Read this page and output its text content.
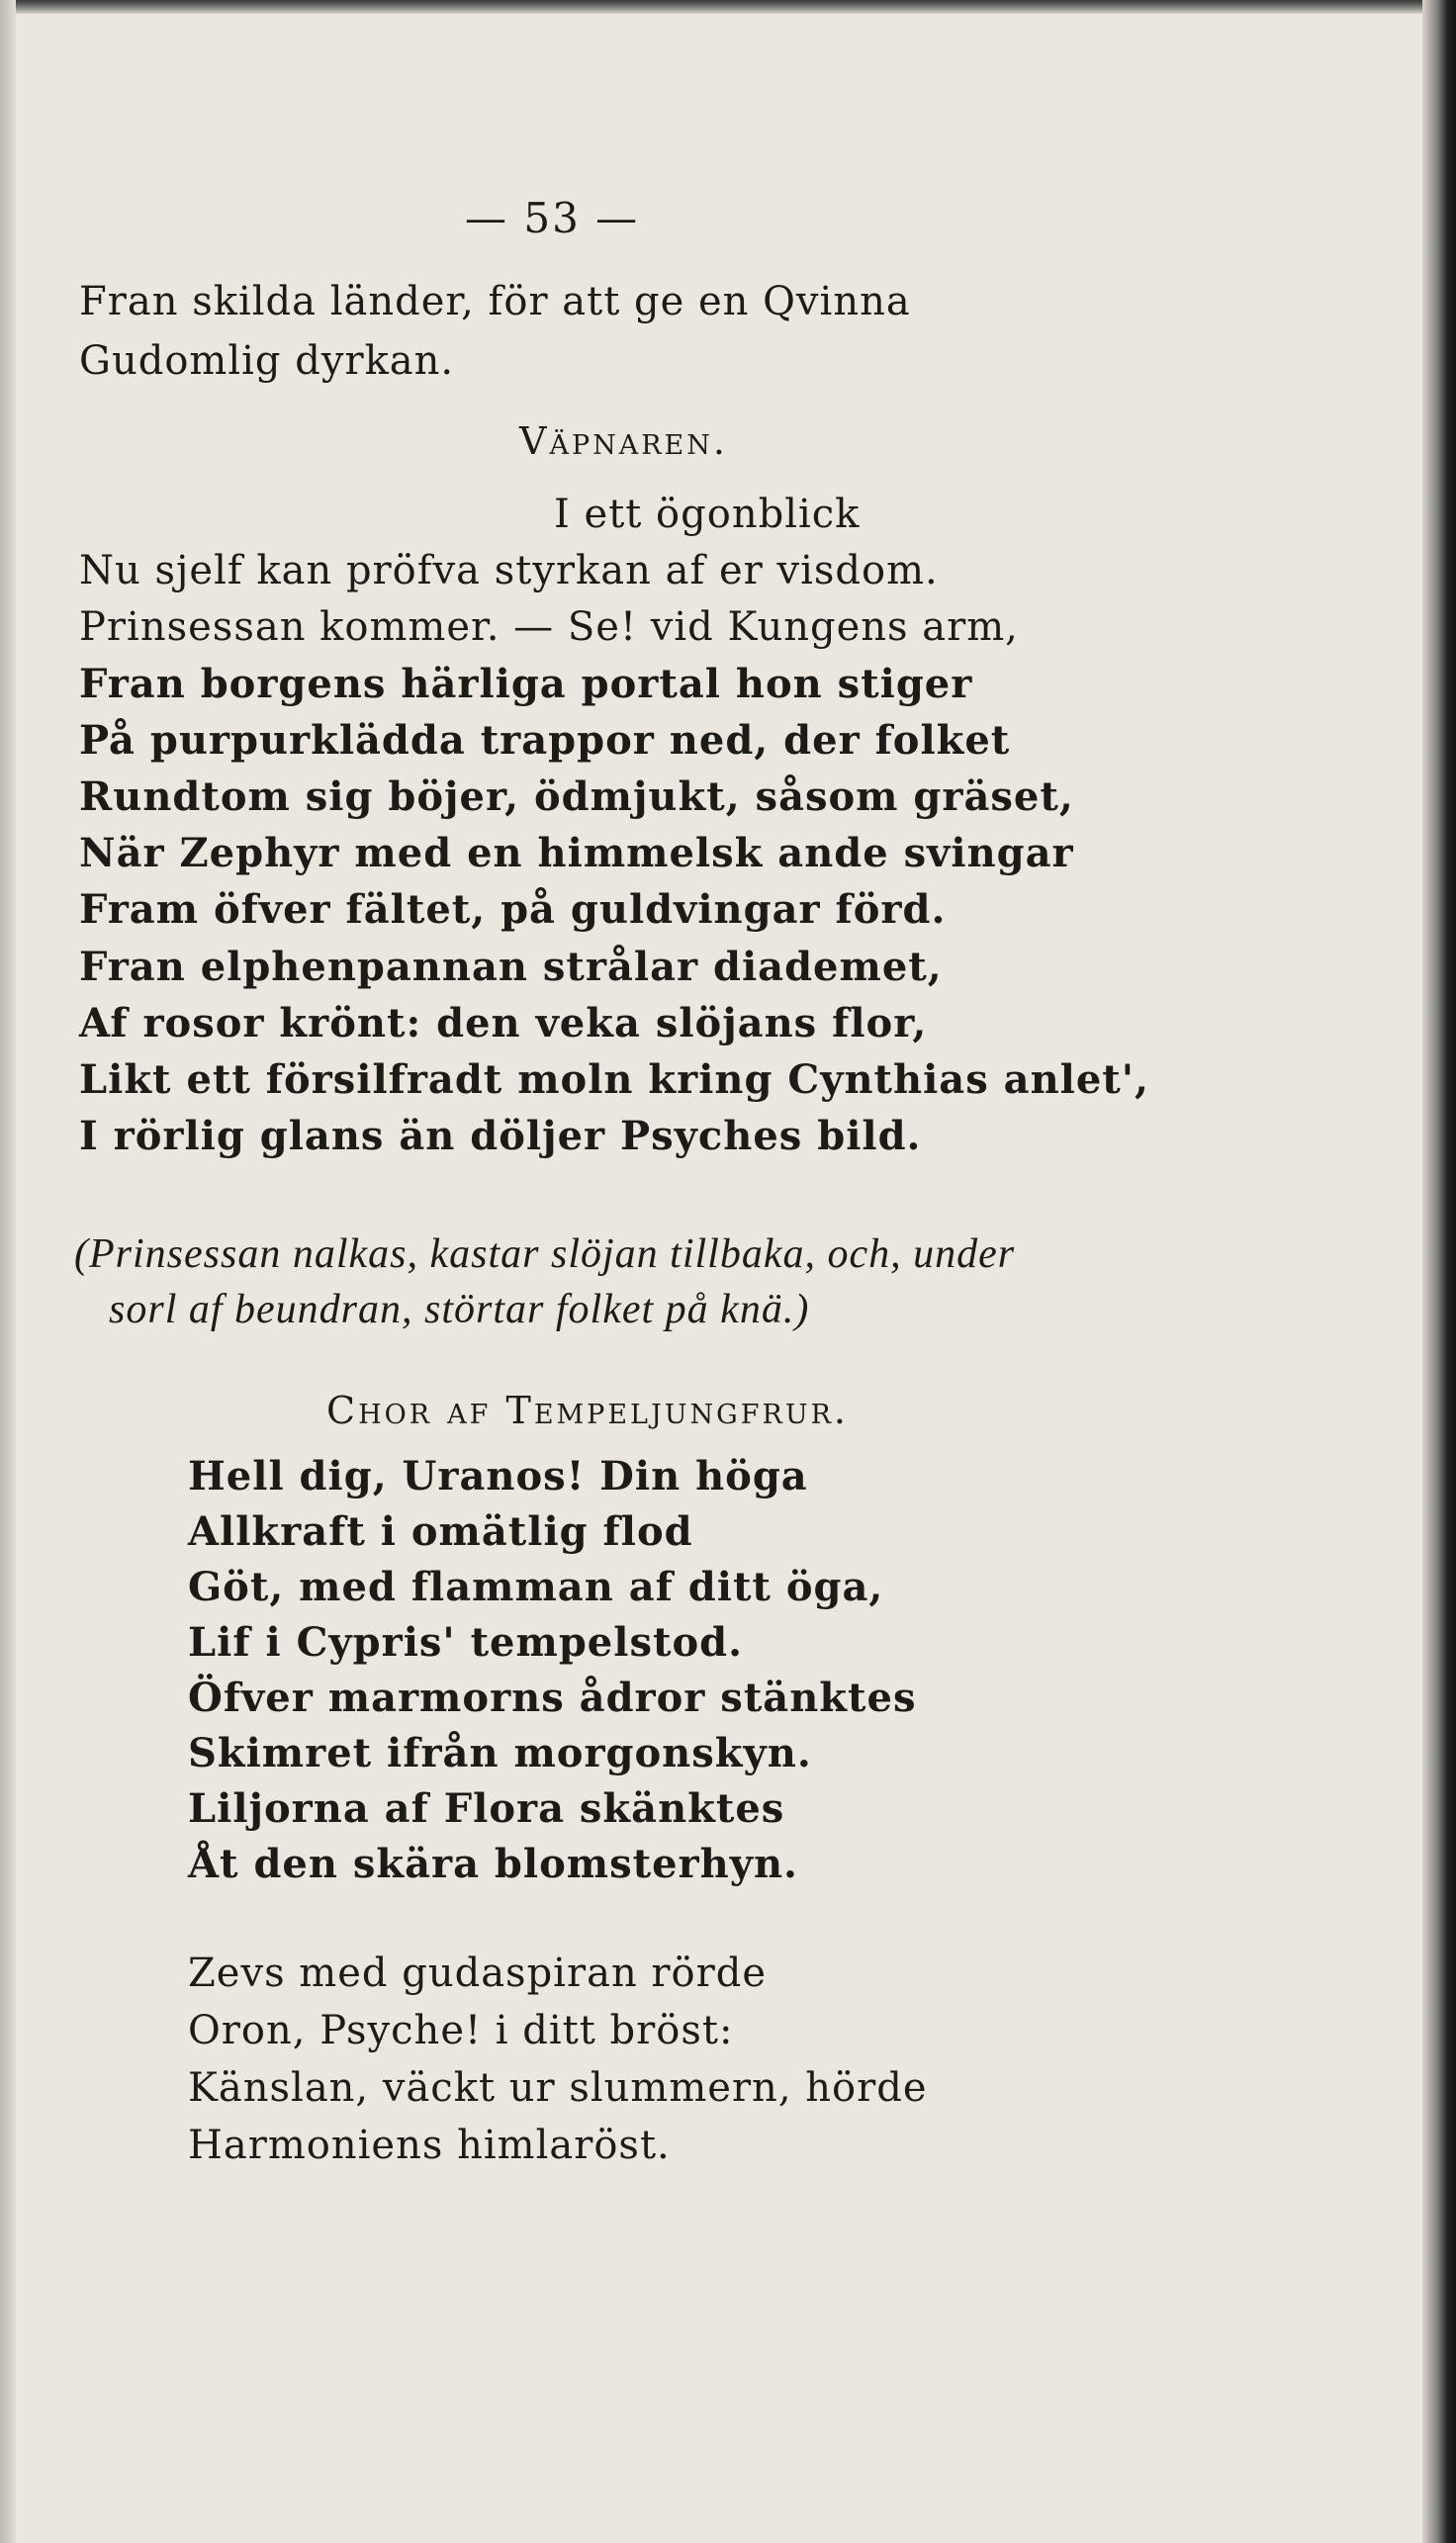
— 53 —
Fran skilda länder, för att ge en Qvinna
Gudomlig dyrkan.
Väpnaren.
I ett ögonblick
Nu sjelf kan pröfva styrkan af er visdom.
Prinsessan kommer. — Se! vid Kungens arm,
Fran borgens härliga portal hon stiger
På purpurklädda trappor ned, der folket
Rundtom sig böjer, ödmjukt, såsom gräset,
När Zephyr med en himmelsk ande svingar
Fram öfver fältet, på guldvingar förd.
Fran elphenpannan strålar diademet,
Af rosor krönt: den veka slöjans flor,
Likt ett försilfradt moln kring Cynthias anlet',
I rörlig glans än döljer Psyches bild.
(Prinsessan nalkas, kastar slöjan tillbaka, och, under
sorl af beundran, störtar folket på knä.)
Chor af Tempeljungfrur.
Hell dig, Uranos! Din höga
Allkraft i omätlig flod
Göt, med flamman af ditt öga,
Lif i Cypris' tempelstod.
Öfver marmorns ådror stänktes
Skimret ifrån morgonskyn.
Liljorna af Flora skänktes
Åt den skära blomsterhyn.
Zevs med gudaspiran rörde
Oron, Psyche! i ditt bröst:
Känslan, väckt ur slummern, hörde
Harmoniens himlaröst.
